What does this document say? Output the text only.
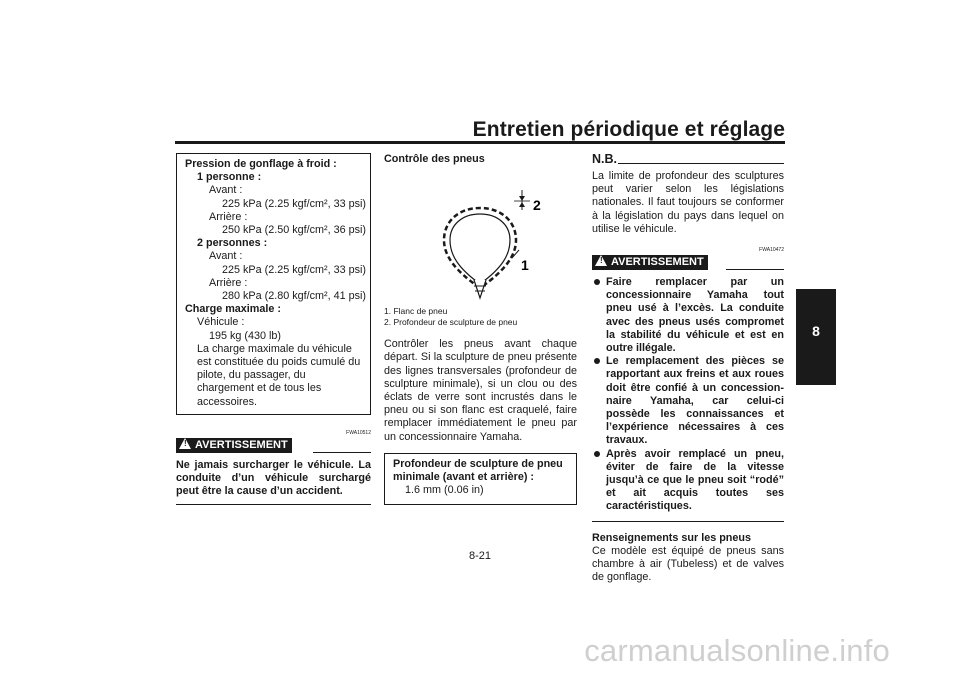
Entretien périodique et réglage
8
Pression de gonflage à froid :
1 personne :
Avant :
225 kPa (2.25 kgf/cm², 33 psi)
Arrière :
250 kPa (2.50 kgf/cm², 36 psi)
2 personnes :
Avant :
225 kPa (2.25 kgf/cm², 33 psi)
Arrière :
280 kPa (2.80 kgf/cm², 41 psi)
Charge maximale :
Véhicule :
195 kg (430 lb)
La charge maximale du véhicule est constituée du poids cumulé du pilote, du passager, du chargement et de tous les accessoires.
FWA10512
! AVERTISSEMENT
Ne jamais surcharger le véhicule. La conduite d’un véhicule surchargé peut être la cause d’un accident.
Contrôle des pneus
2
1
1. Flanc de pneu
2. Profondeur de sculpture de pneu
Contrôler les pneus avant chaque départ. Si la sculpture de pneu présente des lignes transversales (profondeur de sculpture minimale), si un clou ou des éclats de verre sont incrustés dans le pneu ou si son flanc est craquelé, faire remplacer immédiatement le pneu par un concessionnaire Yamaha.
Profondeur de sculpture de pneu minimale (avant et arrière) :
1.6 mm (0.06 in)
N.B.
La limite de profondeur des sculptures peut varier selon les législations nationales. Il faut toujours se conformer à la législation du pays dans lequel on utilise le véhicule.
FWA10472
! AVERTISSEMENT
Faire remplacer par un concessionnaire Yamaha tout pneu usé à l’excès. La conduite avec des pneus usés compromet la stabilité du véhicule et est en outre illégale.
Le remplacement des pièces se rapportant aux freins et aux roues doit être confié à un concessionnaire Yamaha, car celui-ci possède les connaissances et l’expérience nécessaires à ces travaux.
Après avoir remplacé un pneu, éviter de faire de la vitesse jusqu’à ce que le pneu soit “rodé” et ait acquis toutes ses caractéristiques.
Renseignements sur les pneus
Ce modèle est équipé de pneus sans chambre à air (Tubeless) et de valves de gonflage.
8-21
carmanualsonline.info
